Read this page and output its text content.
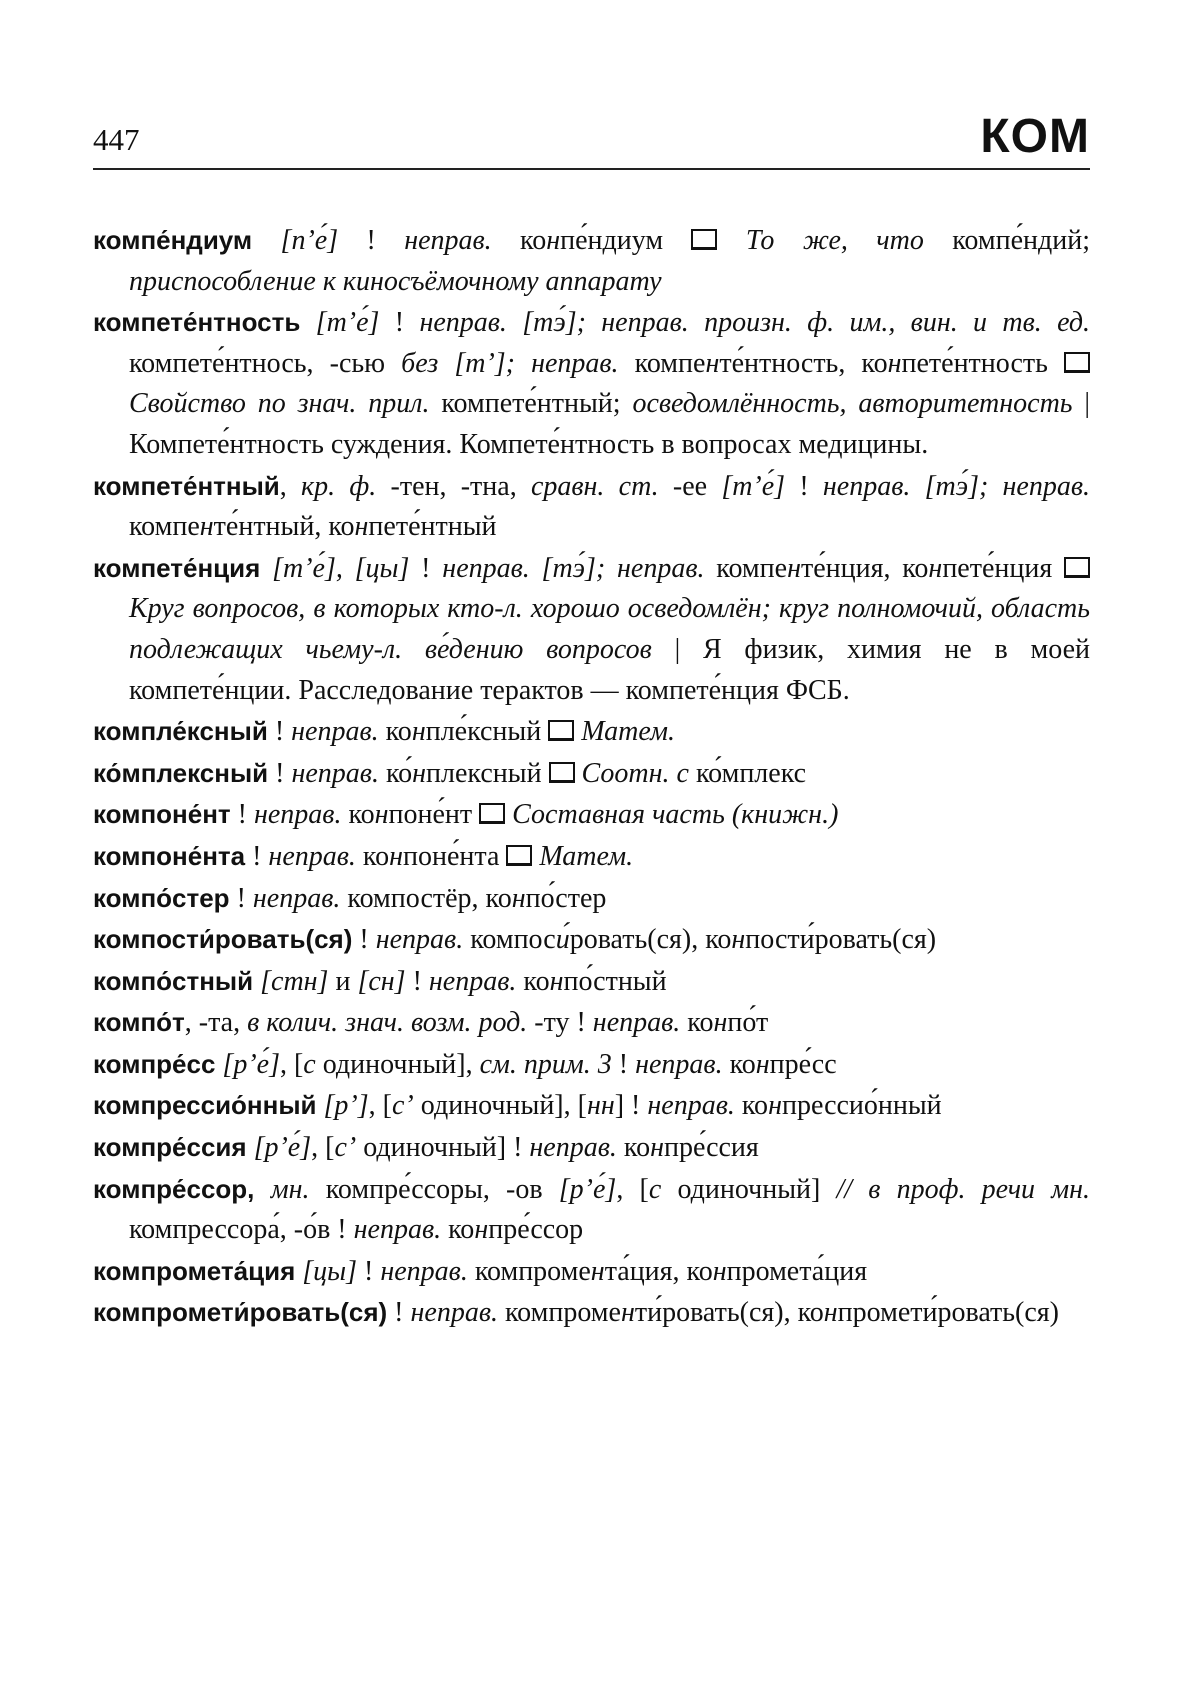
447	КОМ

компе́ндиум [пʼе́] ! неправ. конпе́ндиум  То же, что компе́ндий; приспособление к киносъёмочному аппарату

компете́нтность [тʼе́] ! неправ. [тэ́]; неправ. произн. ф. им., вин. и тв. ед. компете́нтнось, -сью без [тʼ]; неправ. компенте́нтность, конпете́нтность  Свойство по знач. прил. компете́нтный; осведомлённость, авторитетность | Компете́нтность суждения. Компете́нтность в вопросах медицины.

компете́нтный, кр. ф. -тен, -тна, сравн. ст. -ее [тʼе́] ! неправ. [тэ́]; неправ. компенте́нтный, конпете́нтный

компете́нция [тʼе́], [цы] ! неправ. [тэ́]; неправ. компенте́нция, конпете́нция  Круг вопросов, в которых кто-л. хорошо осведомлён; круг полномочий, область подлежащих чьему-л. ве́дению вопросов | Я физик, химия не в моей компете́нции. Расследование терактов — компете́нция ФСБ.

компле́ксный ! неправ. конпле́ксный  Матем.

ко́мплексный ! неправ. ко́нплексный  Соотн. с ко́мплекс

компоне́нт ! неправ. конпоне́нт  Составная часть (книжн.)

компоне́нта ! неправ. конпоне́нта  Матем.

компо́стер ! неправ. компостёр, конпо́стер

компости́ровать(ся) ! неправ. компоси́ровать(ся), конпости́ровать(ся)

компо́стный [стн] и [сн] ! неправ. конпо́стный

компо́т, -та, в колич. знач. возм. род. -ту ! неправ. конпо́т

компре́сс [рʼе́], [с одиночный], см. прим. 3 ! неправ. конпре́сс

компрессио́нный [рʼ], [сʼ одиночный], [нн] ! неправ. конпрессио́нный

компре́ссия [рʼе́], [сʼ одиночный] ! неправ. конпре́ссия

компре́ссор, мн. компре́ссоры, -ов [рʼе́], [с одиночный] // в проф. речи мн. компрессора́, -о́в ! неправ. конпре́ссор

компромета́ция [цы] ! неправ. компромента́ция, конпромета́ция

компромети́ровать(ся) ! неправ. компроменти́ровать(ся), конпромети́ровать(ся)
